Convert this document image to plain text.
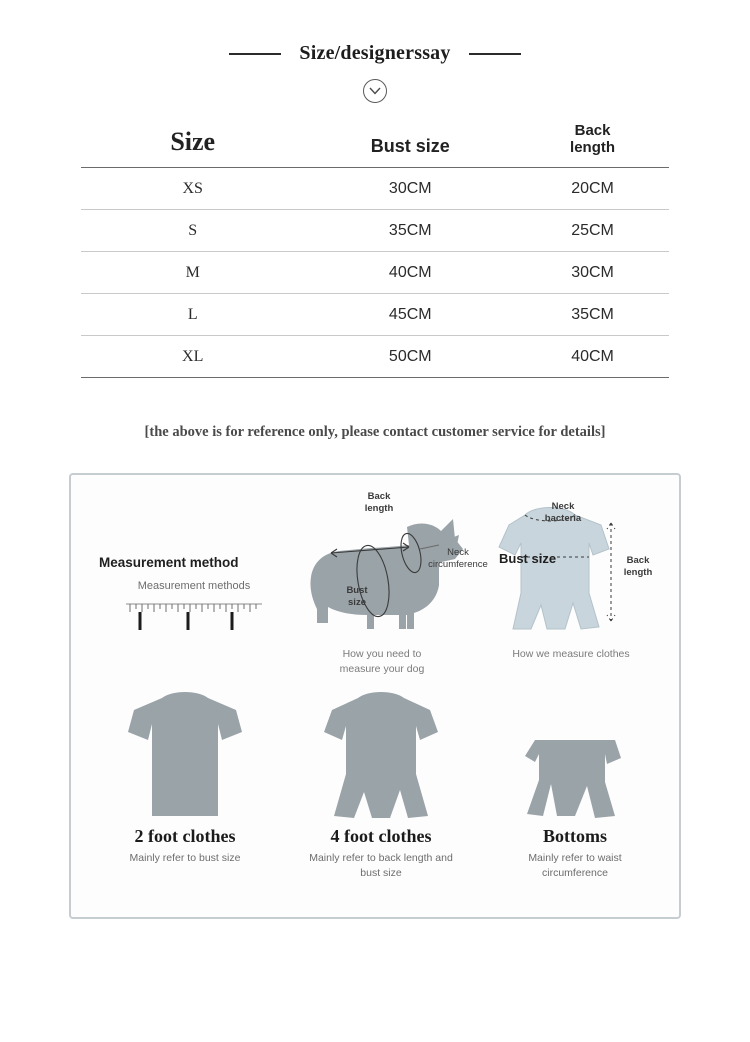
Size/designerssay
Size	Bust size	Back
length
XS	30CM	20CM
S	35CM	25CM
M	40CM	30CM
L	45CM	35CM
XL	50CM	40CM
[the above is for reference only, please contact customer service for details]
Measurement method
Measurement methods
Back
length
Bust
size
Neck
circumference
How you need to
measure your dog
Neck
bacteria
Bust size	Back
length
How we measure clothes
2 foot clothes
Mainly refer to bust size
4 foot clothes
Mainly refer to back length and
bust size
Bottoms
Mainly refer to waist
circumference
